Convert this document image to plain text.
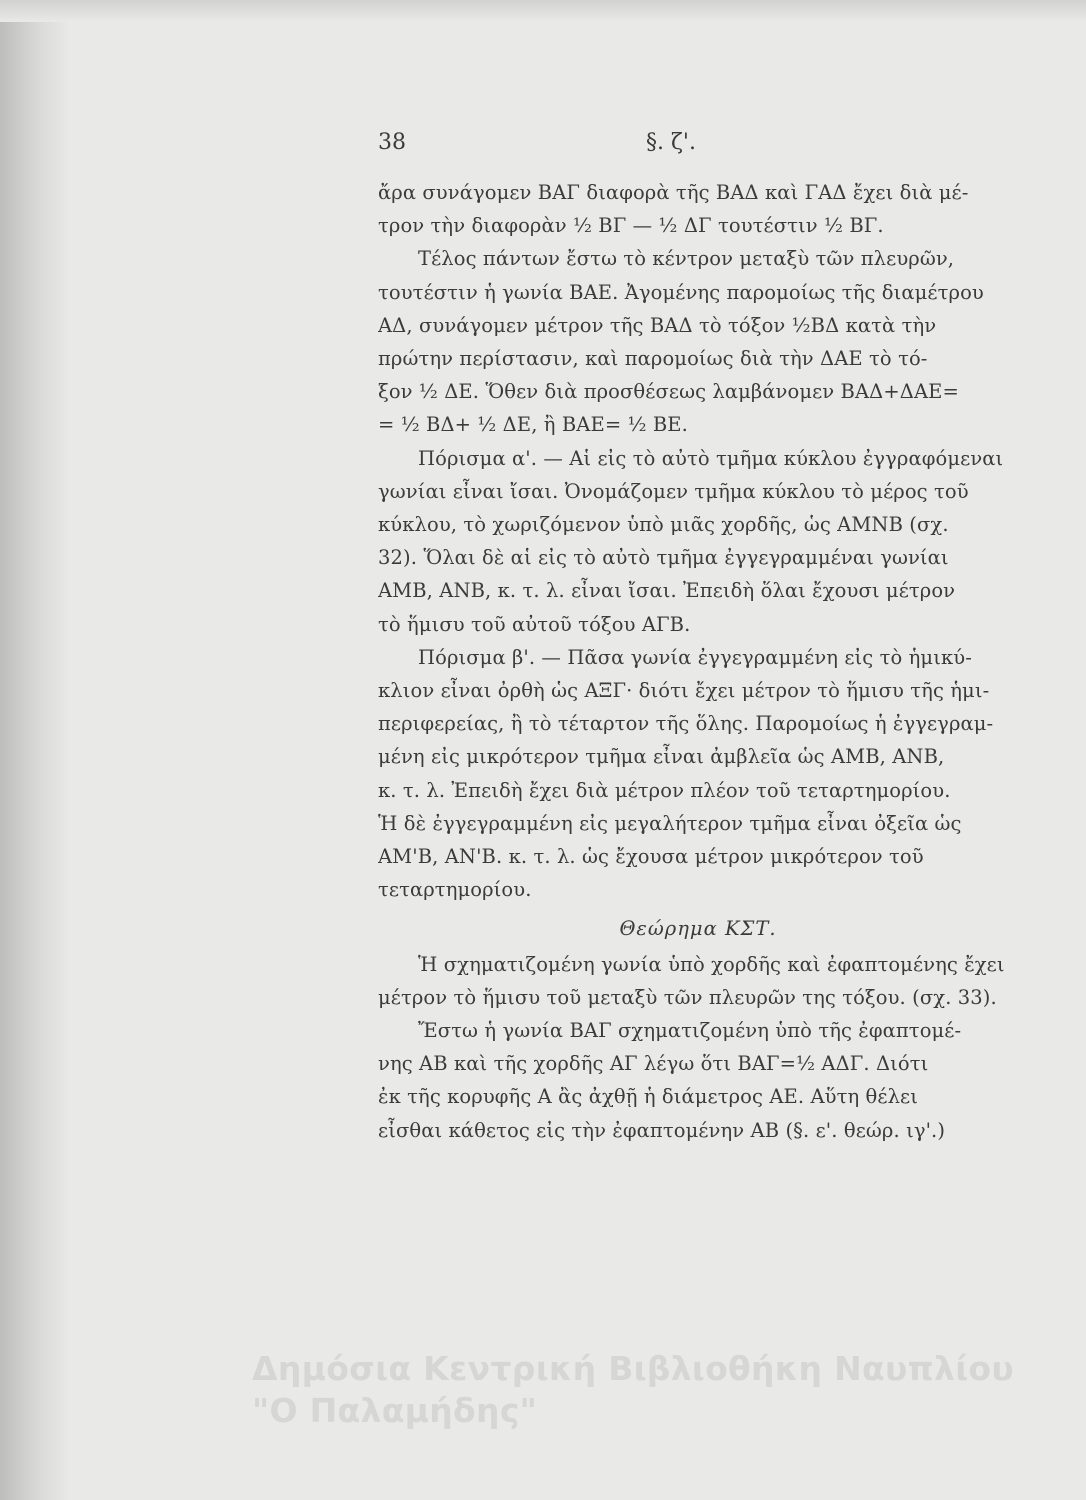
38	§. ζ'.
ἄρα συνάγομεν ΒΑΓ διαφορὰ τῆς ΒΑΔ καὶ ΓΑΔ ἔχει διὰ μέ-
τρον τὴν διαφορὰν ½ ΒΓ — ½ ΔΓ τουτέστιν ½ ΒΓ.
Τέλος πάντων ἔστω τὸ κέντρον μεταξὺ τῶν πλευρῶν,
τουτέστιν ἡ γωνία ΒΑΕ. Ἀγομένης παρομοίως τῆς διαμέτρου
ΑΔ, συνάγομεν μέτρον τῆς ΒΑΔ τὸ τόξον ½ΒΔ κατὰ τὴν
πρώτην περίστασιν, καὶ παρομοίως διὰ τὴν ΔΑΕ τὸ τό-
ξον ½ ΔΕ. Ὅθεν διὰ προσθέσεως λαμβάνομεν ΒΑΔ+ΔΑΕ=
= ½ ΒΔ+ ½ ΔΕ, ἢ ΒΑΕ= ½ ΒΕ.
Πόρισμα α'. — Αἱ εἰς τὸ αὐτὸ τμῆμα κύκλου ἐγγραφόμεναι
γωνίαι εἶναι ἴσαι. Ὀνομάζομεν τμῆμα κύκλου τὸ μέρος τοῦ
κύκλου, τὸ χωριζόμενον ὑπὸ μιᾶς χορδῆς, ὡς ΑΜΝΒ (σχ.
32). Ὅλαι δὲ αἱ εἰς τὸ αὐτὸ τμῆμα ἐγγεγραμμέναι γωνίαι
ΑΜΒ, ΑΝΒ, κ. τ. λ. εἶναι ἴσαι. Ἐπειδὴ ὅλαι ἔχουσι μέτρον
τὸ ἥμισυ τοῦ αὐτοῦ τόξου ΑΓΒ.
Πόρισμα β'. — Πᾶσα γωνία ἐγγεγραμμένη εἰς τὸ ἡμικύ-
κλιον εἶναι ὀρθὴ ὡς ΑΞΓ· διότι ἔχει μέτρον τὸ ἥμισυ τῆς ἡμι-
περιφερείας, ἢ τὸ τέταρτον τῆς ὅλης. Παρομοίως ἡ ἐγγεγραμ-
μένη εἰς μικρότερον τμῆμα εἶναι ἀμβλεῖα ὡς ΑΜΒ, ΑΝΒ,
κ. τ. λ. Ἐπειδὴ ἔχει διὰ μέτρον πλέον τοῦ τεταρτημορίου.
Ἡ δὲ ἐγγεγραμμένη εἰς μεγαλήτερον τμῆμα εἶναι ὀξεῖα ὡς
ΑΜ'Β, ΑΝ'Β. κ. τ. λ. ὡς ἔχουσα μέτρον μικρότερον τοῦ
τεταρτημορίου.
Θεώρημα ΚΣΤ.
Ἡ σχηματιζομένη γωνία ὑπὸ χορδῆς καὶ ἐφαπτομένης ἔχει
μέτρον τὸ ἥμισυ τοῦ μεταξὺ τῶν πλευρῶν της τόξου. (σχ. 33).
Ἔστω ἡ γωνία ΒΑΓ σχηματιζομένη ὑπὸ τῆς ἐφαπτομέ-
νης ΑΒ καὶ τῆς χορδῆς ΑΓ λέγω ὅτι ΒΑΓ=½ ΑΔΓ. Διότι
ἐκ τῆς κορυφῆς Α ἂς ἀχθῇ ἡ διάμετρος ΑΕ. Αὕτη θέλει
εἶσθαι κάθετος εἰς τὴν ἐφαπτομένην ΑΒ (§. ε'. θεώρ. ιγ'.)
Δημόσια Κεντρική Βιβλιοθήκη Ναυπλίου
"Ο Παλαμήδης"
